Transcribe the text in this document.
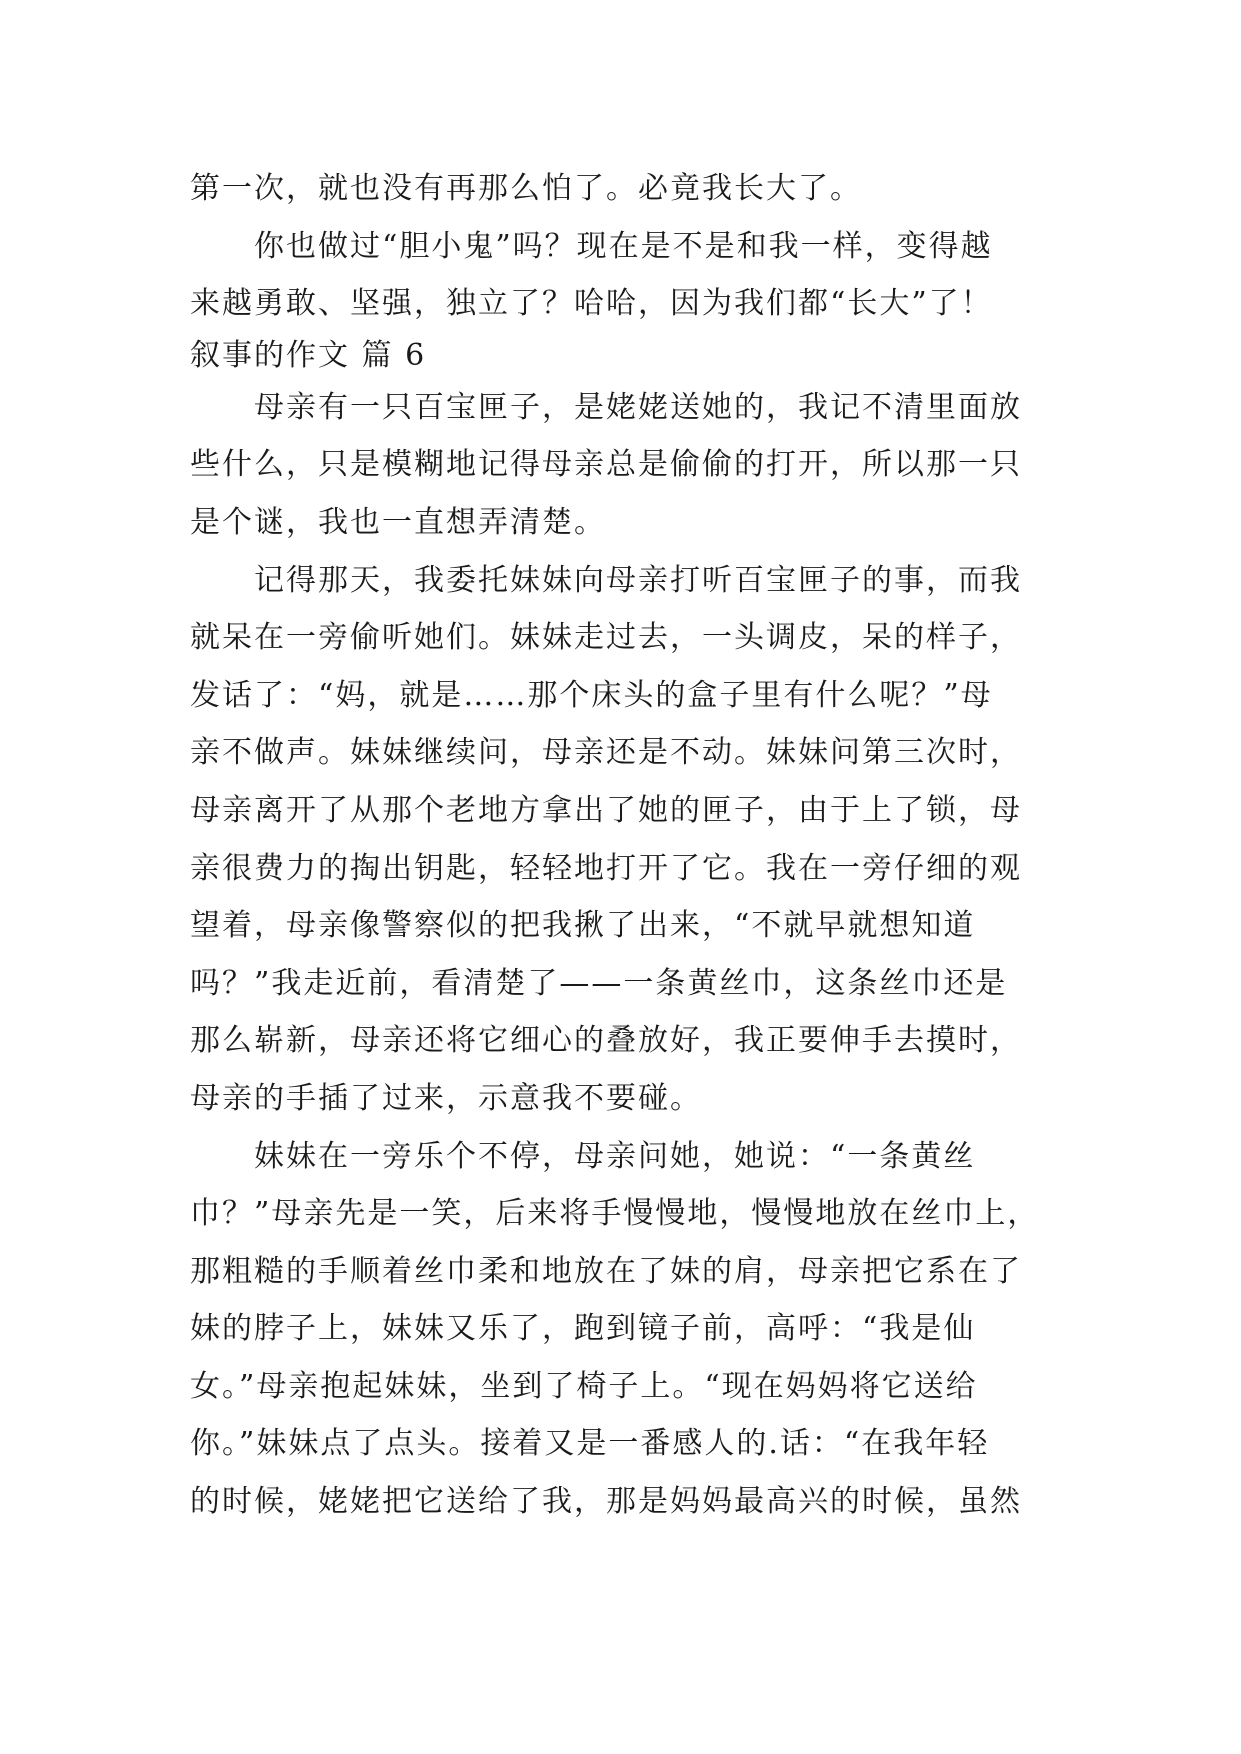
第一次，就也没有再那么怕了。必竟我长大了。
你也做过“胆小鬼”吗？现在是不是和我一样，变得越
来越勇敢、坚强，独立了？哈哈，因为我们都“长大”了！
叙事的作文 篇 6
母亲有一只百宝匣子，是姥姥送她的，我记不清里面放
些什么，只是模糊地记得母亲总是偷偷的打开，所以那一只
是个谜，我也一直想弄清楚。
记得那天，我委托妹妹向母亲打听百宝匣子的事，而我
就呆在一旁偷听她们。妹妹走过去，一头调皮，呆的样子，
发话了：“妈，就是……那个床头的盒子里有什么呢？”母
亲不做声。妹妹继续问，母亲还是不动。妹妹问第三次时，
母亲离开了从那个老地方拿出了她的匣子，由于上了锁，母
亲很费力的掏出钥匙，轻轻地打开了它。我在一旁仔细的观
望着，母亲像警察似的把我揪了出来，“不就早就想知道
吗？”我走近前，看清楚了——一条黄丝巾，这条丝巾还是
那么崭新，母亲还将它细心的叠放好，我正要伸手去摸时，
母亲的手插了过来，示意我不要碰。
妹妹在一旁乐个不停，母亲问她，她说：“一条黄丝
巾？”母亲先是一笑，后来将手慢慢地，慢慢地放在丝巾上，
那粗糙的手顺着丝巾柔和地放在了妹的肩，母亲把它系在了
妹的脖子上，妹妹又乐了，跑到镜子前，高呼：“我是仙
女。”母亲抱起妹妹，坐到了椅子上。“现在妈妈将它送给
你。”妹妹点了点头。接着又是一番感人的.话：“在我年轻
的时候，姥姥把它送给了我，那是妈妈最高兴的时候，虽然
